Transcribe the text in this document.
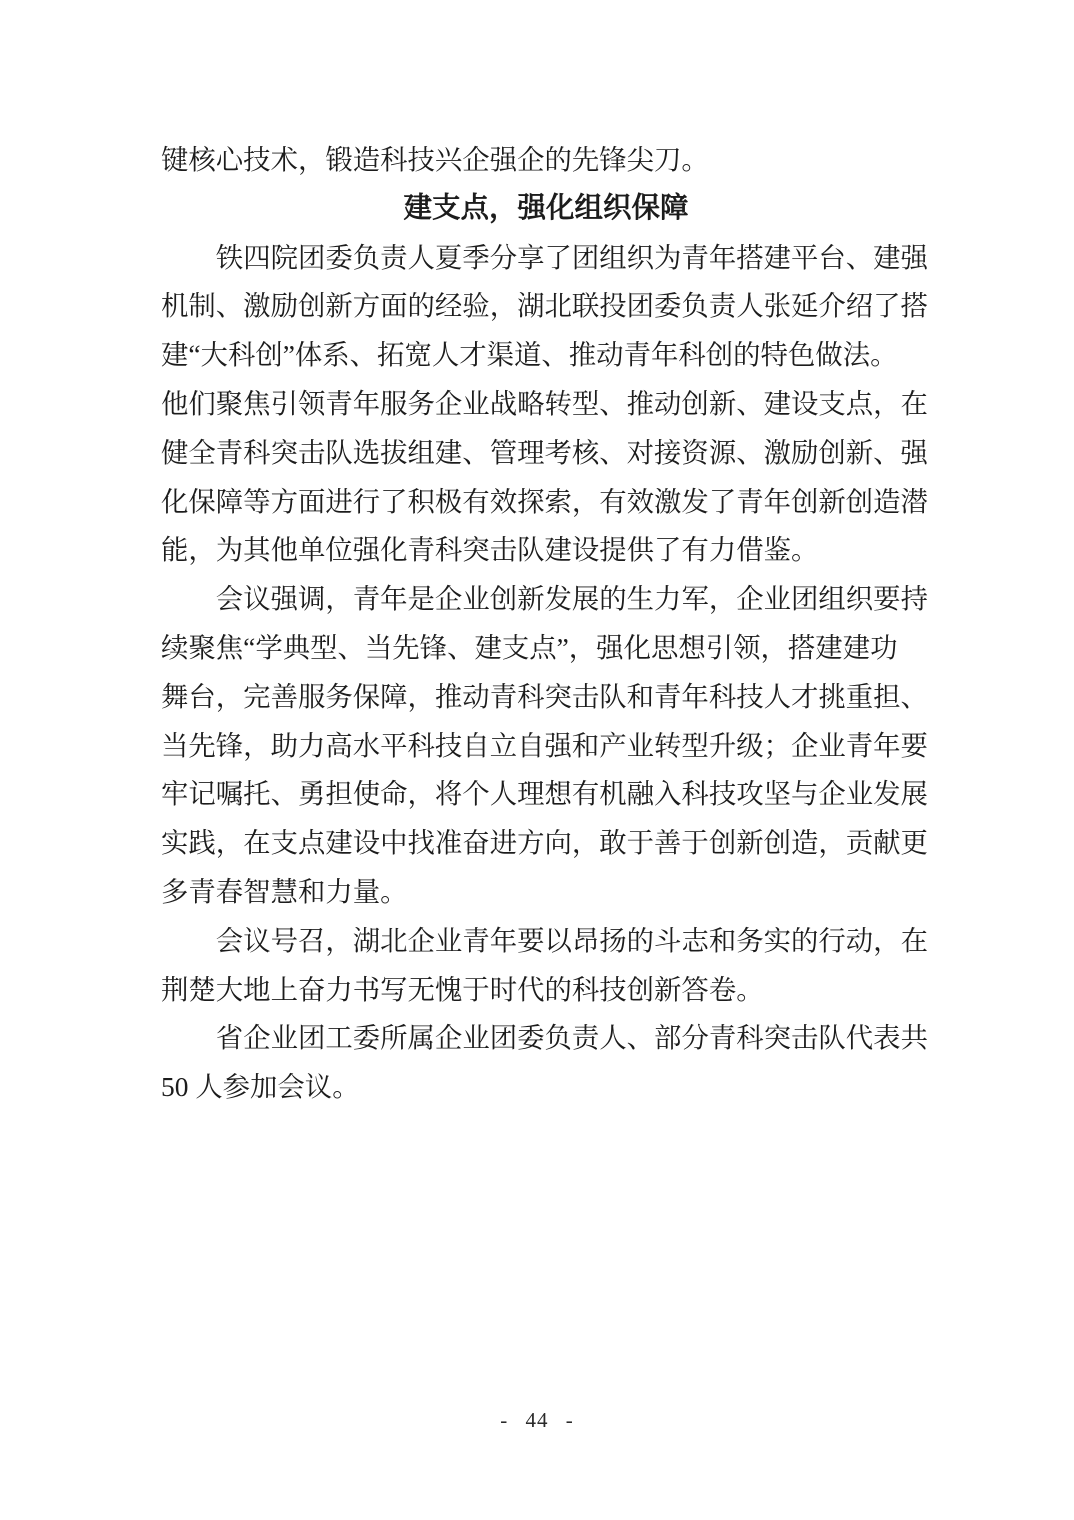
键核心技术，锻造科技兴企强企的先锋尖刀。
建支点，强化组织保障
铁四院团委负责人夏季分享了团组织为青年搭建平台、建强
机制、激励创新方面的经验，湖北联投团委负责人张延介绍了搭
建“大科创”体系、拓宽人才渠道、推动青年科创的特色做法。
他们聚焦引领青年服务企业战略转型、推动创新、建设支点，在
健全青科突击队选拔组建、管理考核、对接资源、激励创新、强
化保障等方面进行了积极有效探索，有效激发了青年创新创造潜
能，为其他单位强化青科突击队建设提供了有力借鉴。
会议强调，青年是企业创新发展的生力军，企业团组织要持
续聚焦“学典型、当先锋、建支点”，强化思想引领，搭建建功
舞台，完善服务保障，推动青科突击队和青年科技人才挑重担、
当先锋，助力高水平科技自立自强和产业转型升级；企业青年要
牢记嘱托、勇担使命，将个人理想有机融入科技攻坚与企业发展
实践，在支点建设中找准奋进方向，敢于善于创新创造，贡献更
多青春智慧和力量。
会议号召，湖北企业青年要以昂扬的斗志和务实的行动，在
荆楚大地上奋力书写无愧于时代的科技创新答卷。
省企业团工委所属企业团委负责人、部分青科突击队代表共
50 人参加会议。
- 44 -
